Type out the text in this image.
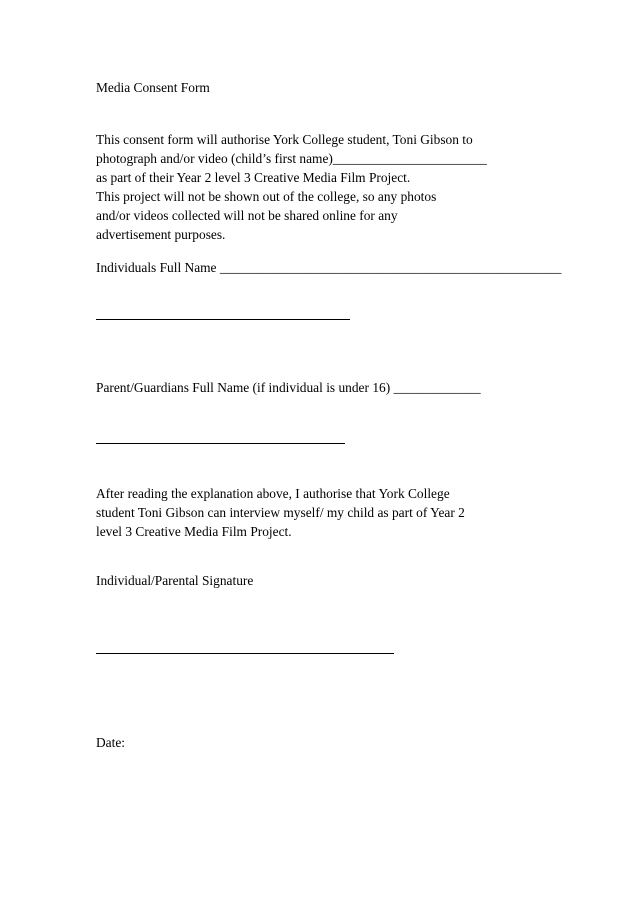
Media Consent Form

This consent form will authorise York College student, Toni Gibson to

photograph and/or video (child’s first name)_______________________

as part of their Year 2 level 3 Creative Media Film Project.

This project will not be shown out of the college, so any photos

and/or videos collected will not be shared online for any

advertisement purposes.

Individuals Full Name ___________________________________________________

Parent/Guardians Full Name (if individual is under 16) _____________

After reading the explanation above, I authorise that York College

student Toni Gibson can interview myself/ my child as part of Year 2

level 3 Creative Media Film Project.

Individual/Parental Signature

Date:
